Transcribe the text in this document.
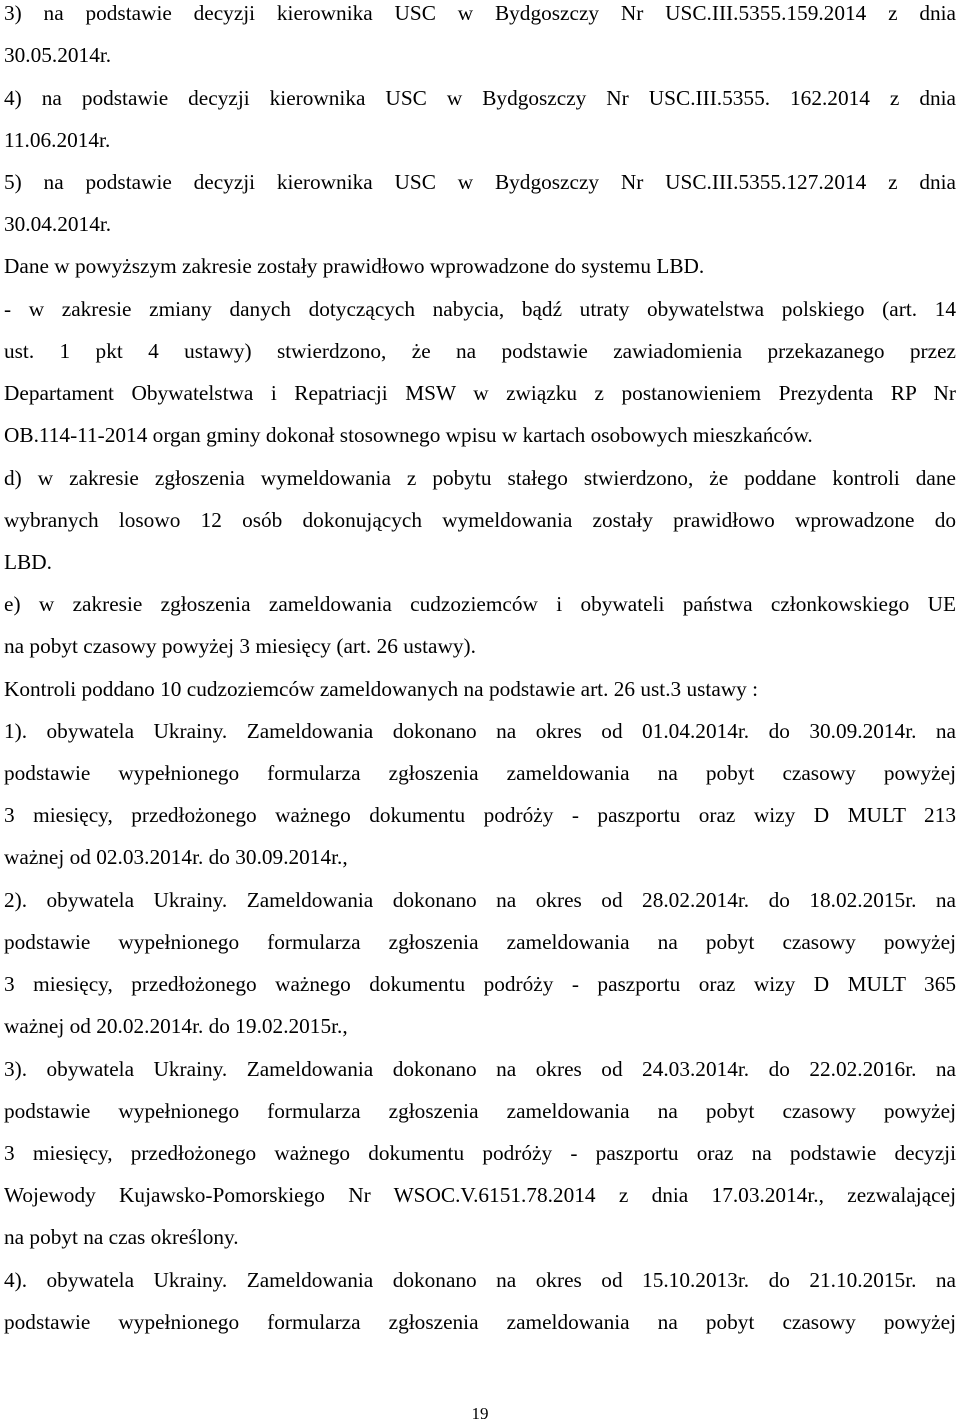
3) na podstawie decyzji kierownika USC w Bydgoszczy Nr USC.III.5355.159.2014 z dnia
30.05.2014r.
4) na podstawie decyzji kierownika USC w Bydgoszczy Nr USC.III.5355. 162.2014 z dnia
11.06.2014r.
5) na podstawie decyzji kierownika USC w Bydgoszczy Nr USC.III.5355.127.2014 z dnia
30.04.2014r.
Dane w powyższym zakresie zostały prawidłowo wprowadzone do systemu LBD.
- w zakresie zmiany danych dotyczących nabycia, bądź utraty obywatelstwa polskiego (art. 14
ust. 1 pkt 4 ustawy) stwierdzono, że na podstawie zawiadomienia przekazanego przez
Departament Obywatelstwa i Repatriacji MSW w związku z postanowieniem Prezydenta RP Nr
OB.114-11-2014 organ gminy dokonał stosownego wpisu w kartach osobowych mieszkańców.
d) w zakresie zgłoszenia wymeldowania z pobytu stałego stwierdzono, że poddane kontroli dane
wybranych losowo 12 osób dokonujących wymeldowania zostały prawidłowo wprowadzone do
LBD.
e) w zakresie zgłoszenia zameldowania cudzoziemców i obywateli państwa członkowskiego UE
na pobyt czasowy powyżej 3 miesięcy (art. 26 ustawy).
Kontroli poddano 10 cudzoziemców zameldowanych na podstawie art. 26 ust.3 ustawy :
1). obywatela Ukrainy. Zameldowania dokonano na okres od 01.04.2014r. do 30.09.2014r. na
podstawie wypełnionego formularza zgłoszenia zameldowania na pobyt czasowy powyżej
3 miesięcy, przedłożonego ważnego dokumentu podróży - paszportu oraz wizy D MULT 213
ważnej od 02.03.2014r. do 30.09.2014r.,
2). obywatela Ukrainy. Zameldowania dokonano na okres od 28.02.2014r. do 18.02.2015r. na
podstawie wypełnionego formularza zgłoszenia zameldowania na pobyt czasowy powyżej
3 miesięcy, przedłożonego ważnego dokumentu podróży - paszportu oraz wizy D MULT 365
ważnej od 20.02.2014r. do 19.02.2015r.,
3). obywatela Ukrainy. Zameldowania dokonano na okres od 24.03.2014r. do 22.02.2016r. na
podstawie wypełnionego formularza zgłoszenia zameldowania na pobyt czasowy powyżej
3 miesięcy, przedłożonego ważnego dokumentu podróży - paszportu oraz na podstawie decyzji
Wojewody Kujawsko-Pomorskiego Nr WSOC.V.6151.78.2014 z dnia 17.03.2014r., zezwalającej
na pobyt na czas określony.
4). obywatela Ukrainy. Zameldowania dokonano na okres od 15.10.2013r. do 21.10.2015r. na
podstawie wypełnionego formularza zgłoszenia zameldowania na pobyt czasowy powyżej
19
